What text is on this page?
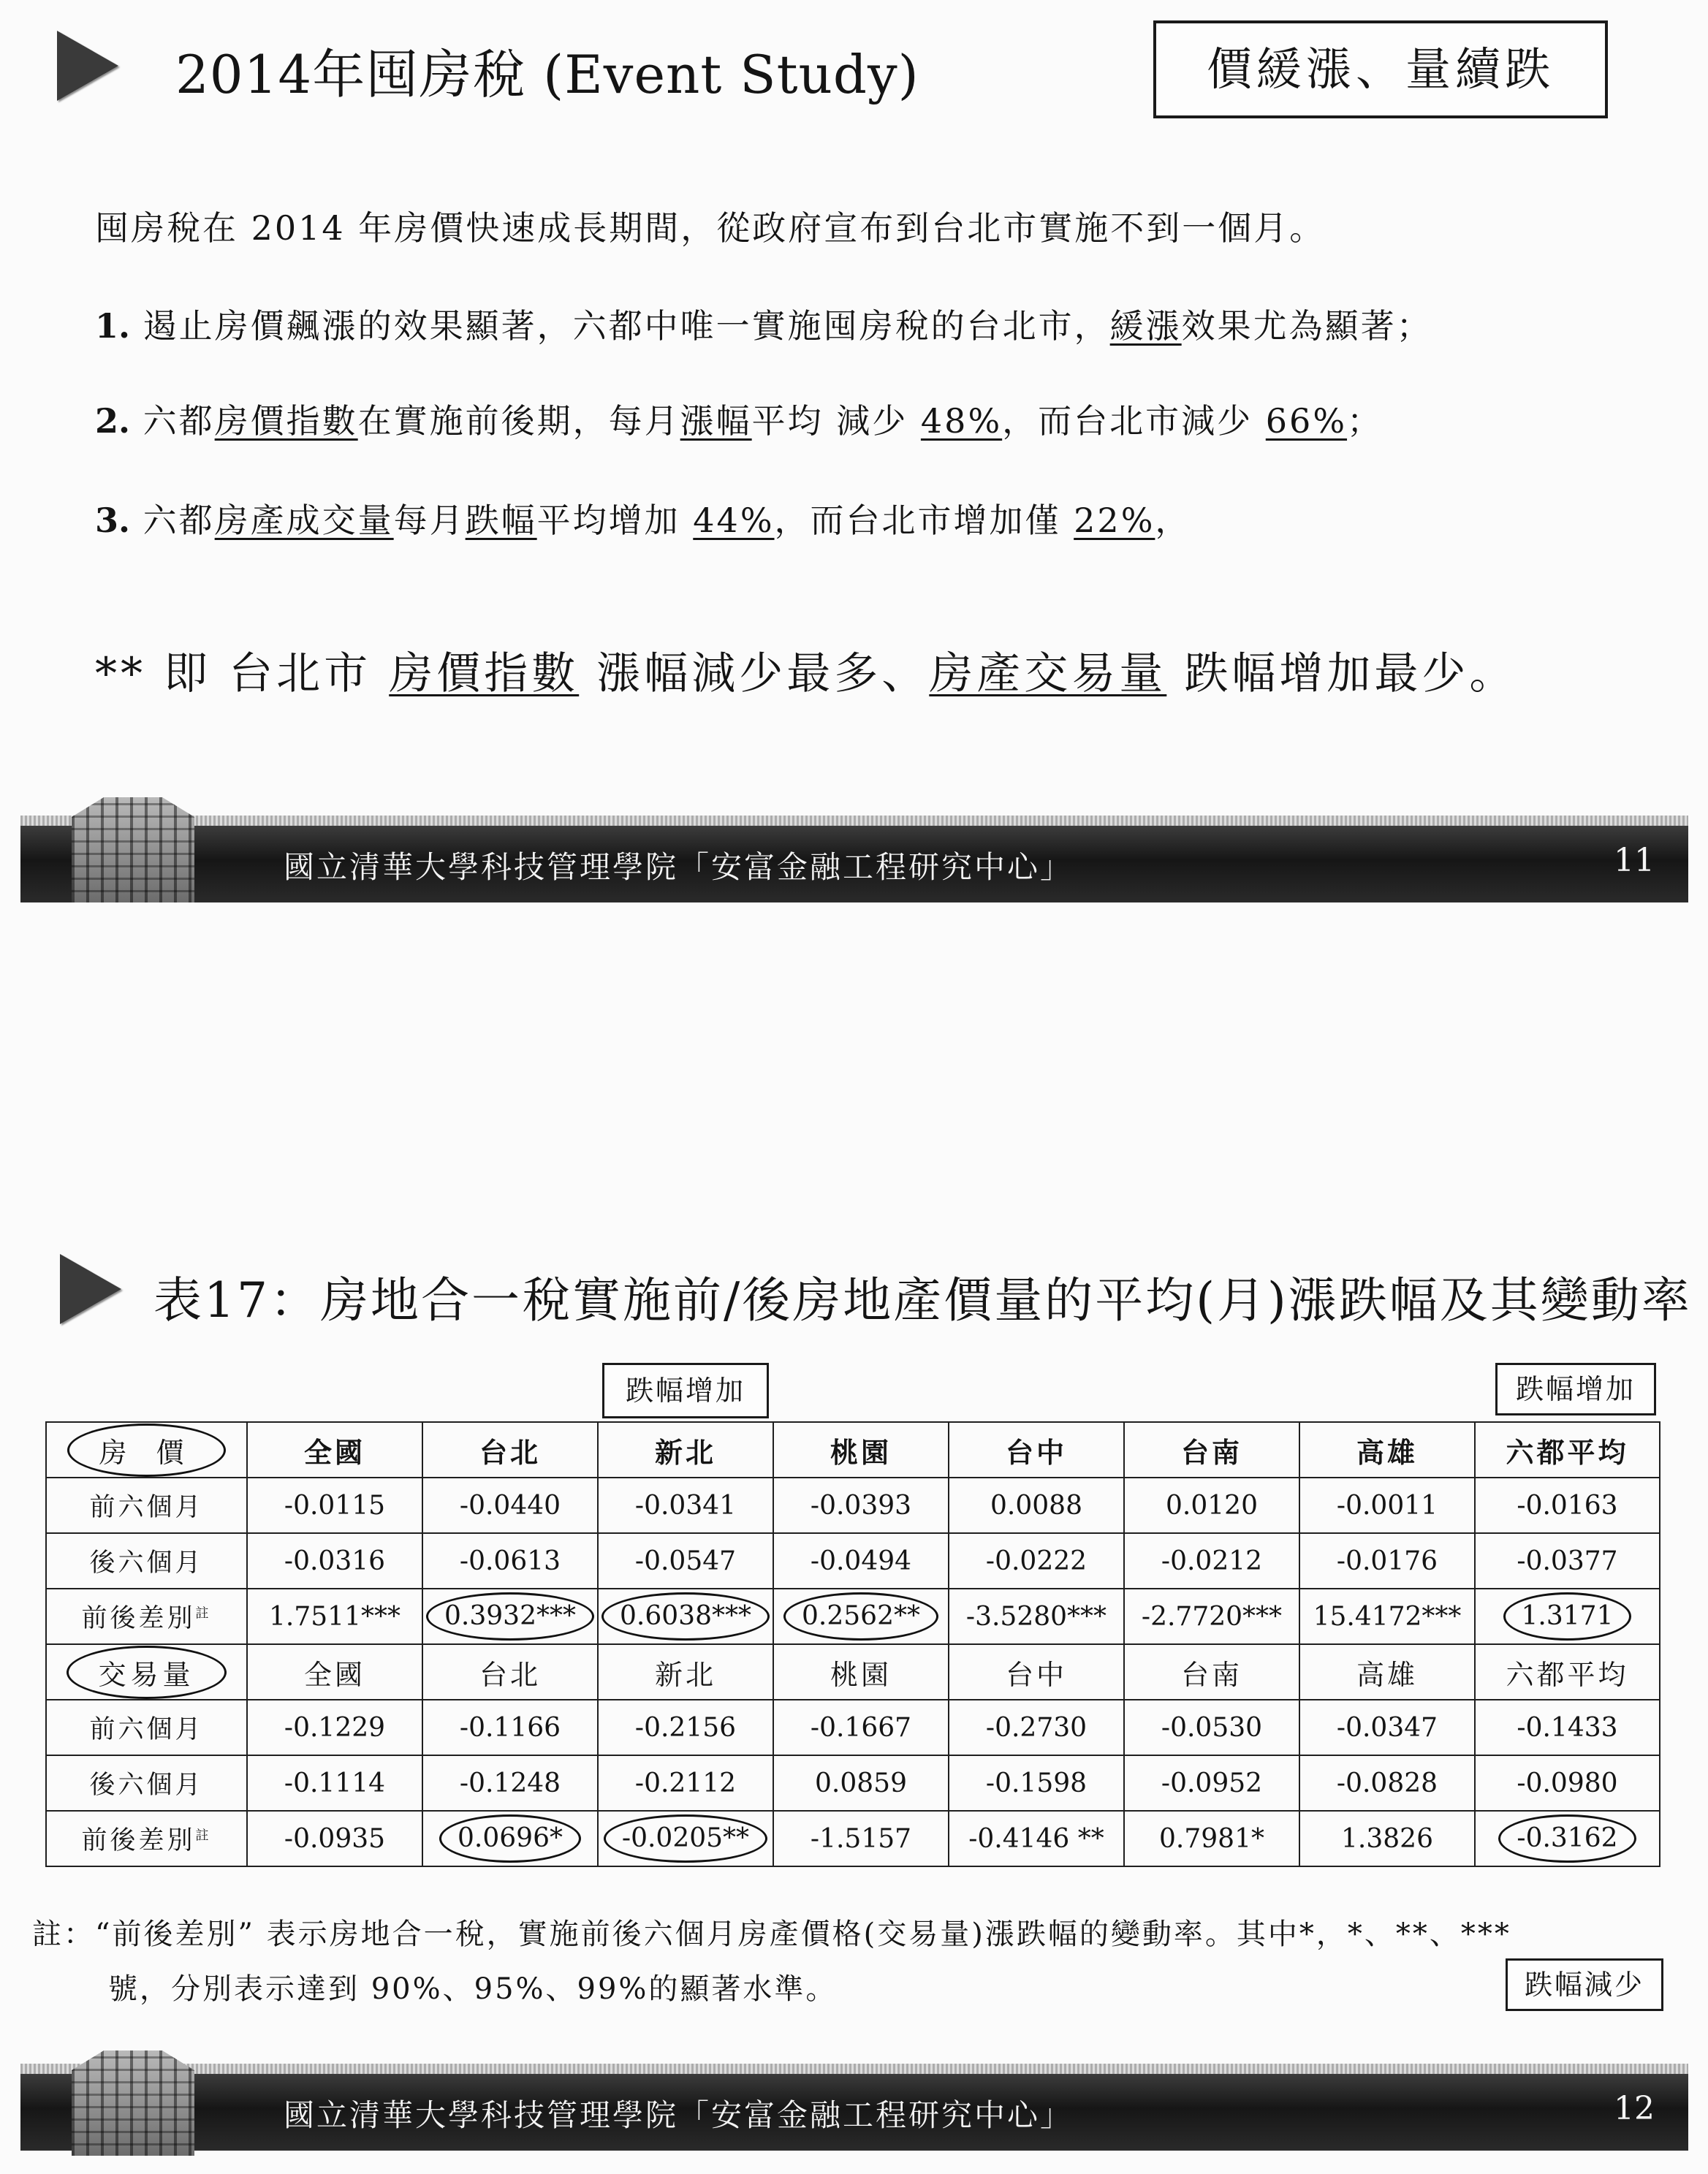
2014年囤房稅 (Event Study)	價緩漲、量續跌
囤房稅在 2014 年房價快速成長期間，從政府宣布到台北市實施不到一個月。
1. 遏止房價飆漲的效果顯著，六都中唯一實施囤房稅的台北市，緩漲效果尤為顯著；
2. 六都房價指數在實施前後期，每月漲幅平均 減少 48%，而台北市減少 66%；
3. 六都房產成交量每月跌幅平均增加 44%，而台北市增加僅 22%，
** 即 台北市 房價指數 漲幅減少最多、房產交易量 跌幅增加最少。
國立清華大學科技管理學院「安富金融工程研究中心」	11
表17：房地合一稅實施前/後房地產價量的平均(月)漲跌幅及其變動率
跌幅增加	跌幅增加
房 價	全國	台北	新北	桃園	台中	台南	高雄	六都平均
前六個月	-0.0115	-0.0440	-0.0341	-0.0393	0.0088	0.0120	-0.0011	-0.0163
後六個月	-0.0316	-0.0613	-0.0547	-0.0494	-0.0222	-0.0212	-0.0176	-0.0377
前後差別$^註$	1.7511***	0.3932***	0.6038***	0.2562**	-3.5280***	-2.7720***	15.4172***	1.3171
交易量	全國	台北	新北	桃園	台中	台南	高雄	六都平均
前六個月	-0.1229	-0.1166	-0.2156	-0.1667	-0.2730	-0.0530	-0.0347	-0.1433
後六個月	-0.1114	-0.1248	-0.2112	0.0859	-0.1598	-0.0952	-0.0828	-0.0980
前後差別$^註$	-0.0935	0.0696*	-0.0205**	-1.5157	-0.4146 **	0.7981*	1.3826	-0.3162
註：“前後差別” 表示房地合一稅，實施前後六個月房產價格(交易量)漲跌幅的變動率。其中*，*、**、***
號，分別表示達到 90%、95%、99%的顯著水準。	跌幅減少
國立清華大學科技管理學院「安富金融工程研究中心」	12
